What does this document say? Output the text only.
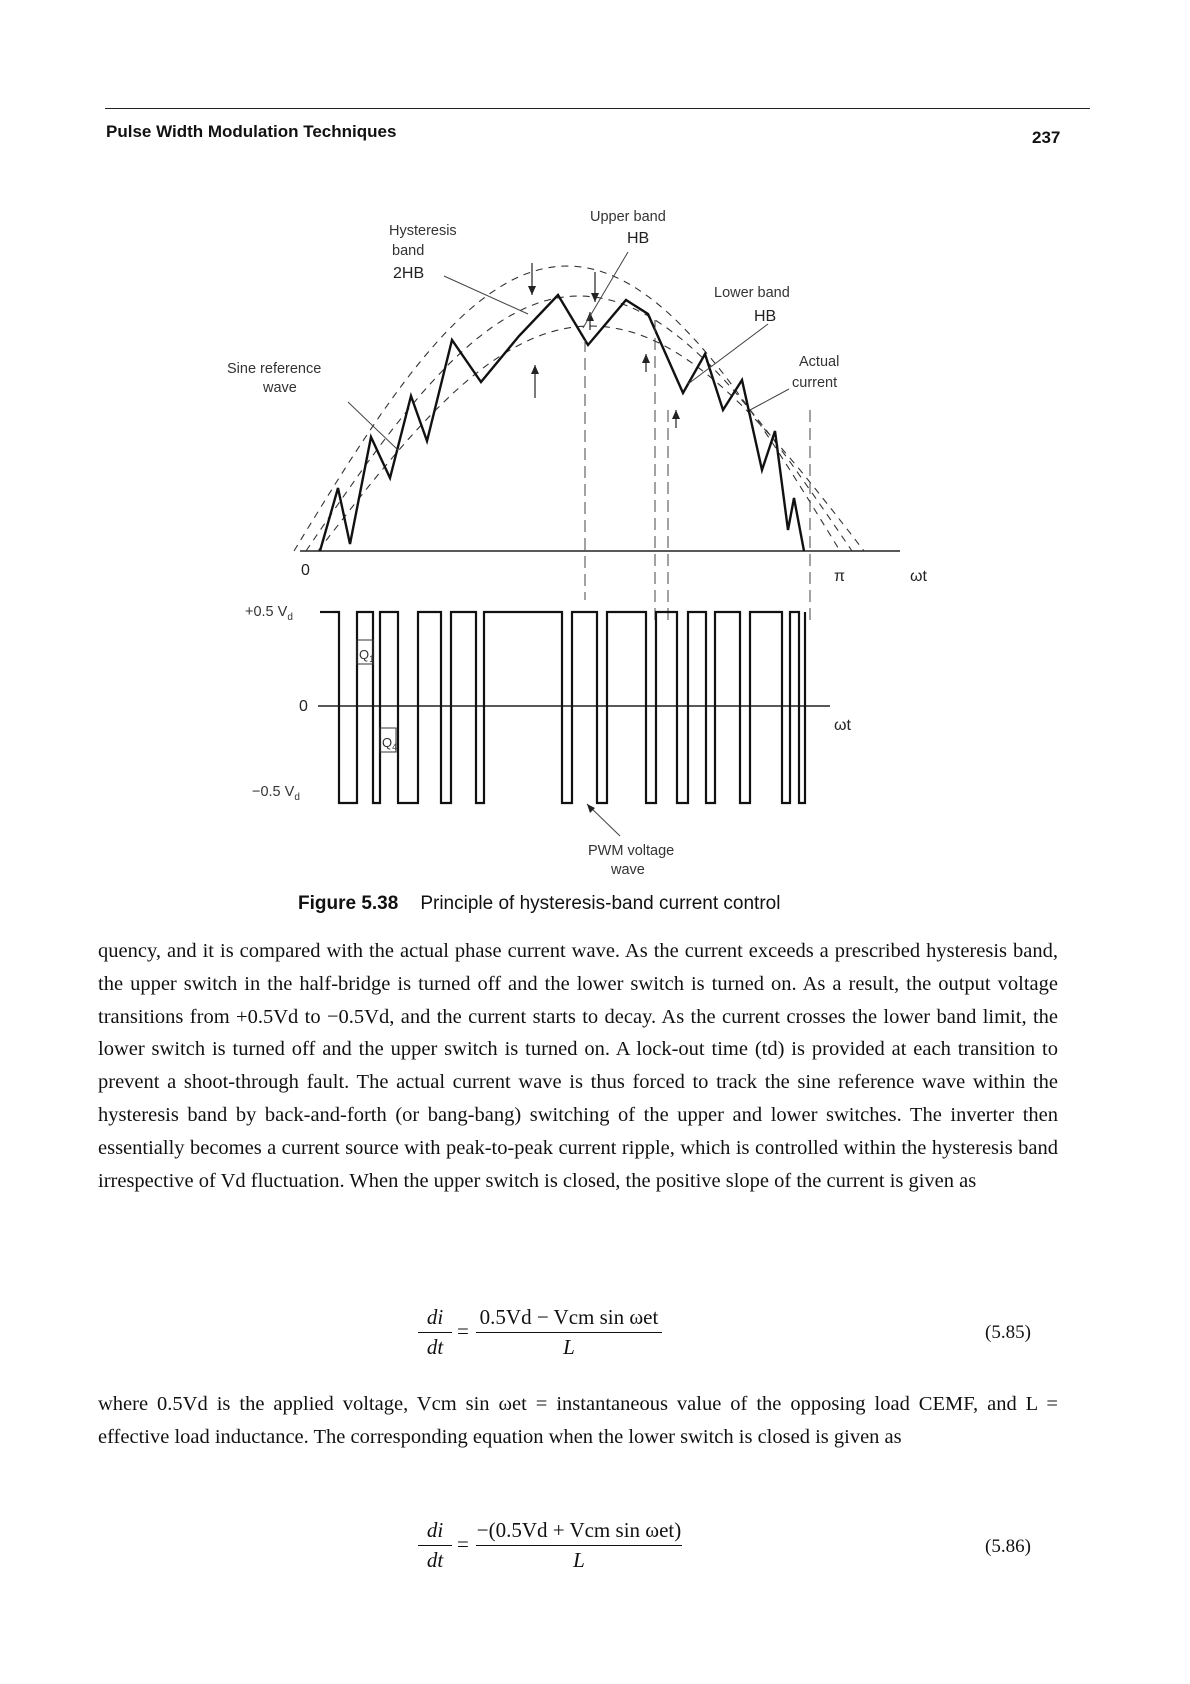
Pulse Width Modulation Techniques	237
Hysteresis
band
2HB
Upper band
HB
Lower band
HB
Sine reference
wave
Actual
current
0	π	ωt
+0.5 $V_d$
0
−0.5 $V_d$
$Q_1$
$Q_4$
ωt
PWM voltage
wave
Figure 5.38 Principle of hysteresis-band current control
quency, and it is compared with the actual phase current wave. As the current exceeds a prescribed hysteresis band, the upper switch in the half-bridge is turned off and the lower switch is turned on. As a result, the output voltage transitions from +0.5Vd to −0.5Vd, and the current starts to decay. As the current crosses the lower band limit, the lower switch is turned off and the upper switch is turned on. A lock-out time (td) is provided at each transition to prevent a shoot-through fault. The actual current wave is thus forced to track the sine reference wave within the hysteresis band by back-and-forth (or bang-bang) switching of the upper and lower switches. The inverter then essentially becomes a current source with peak-to-peak current ripple, which is controlled within the hysteresis band irrespective of Vd fluctuation. When the upper switch is closed, the positive slope of the current is given as
di
dt
=
0.5Vd − Vcm sin ωet
L
(5.85)
where 0.5Vd is the applied voltage, Vcm sin ωet = instantaneous value of the opposing load CEMF, and L = effective load inductance. The corresponding equation when the lower switch is closed is given as
di
dt
=
−(0.5Vd + Vcm sin ωet)
L
(5.86)
